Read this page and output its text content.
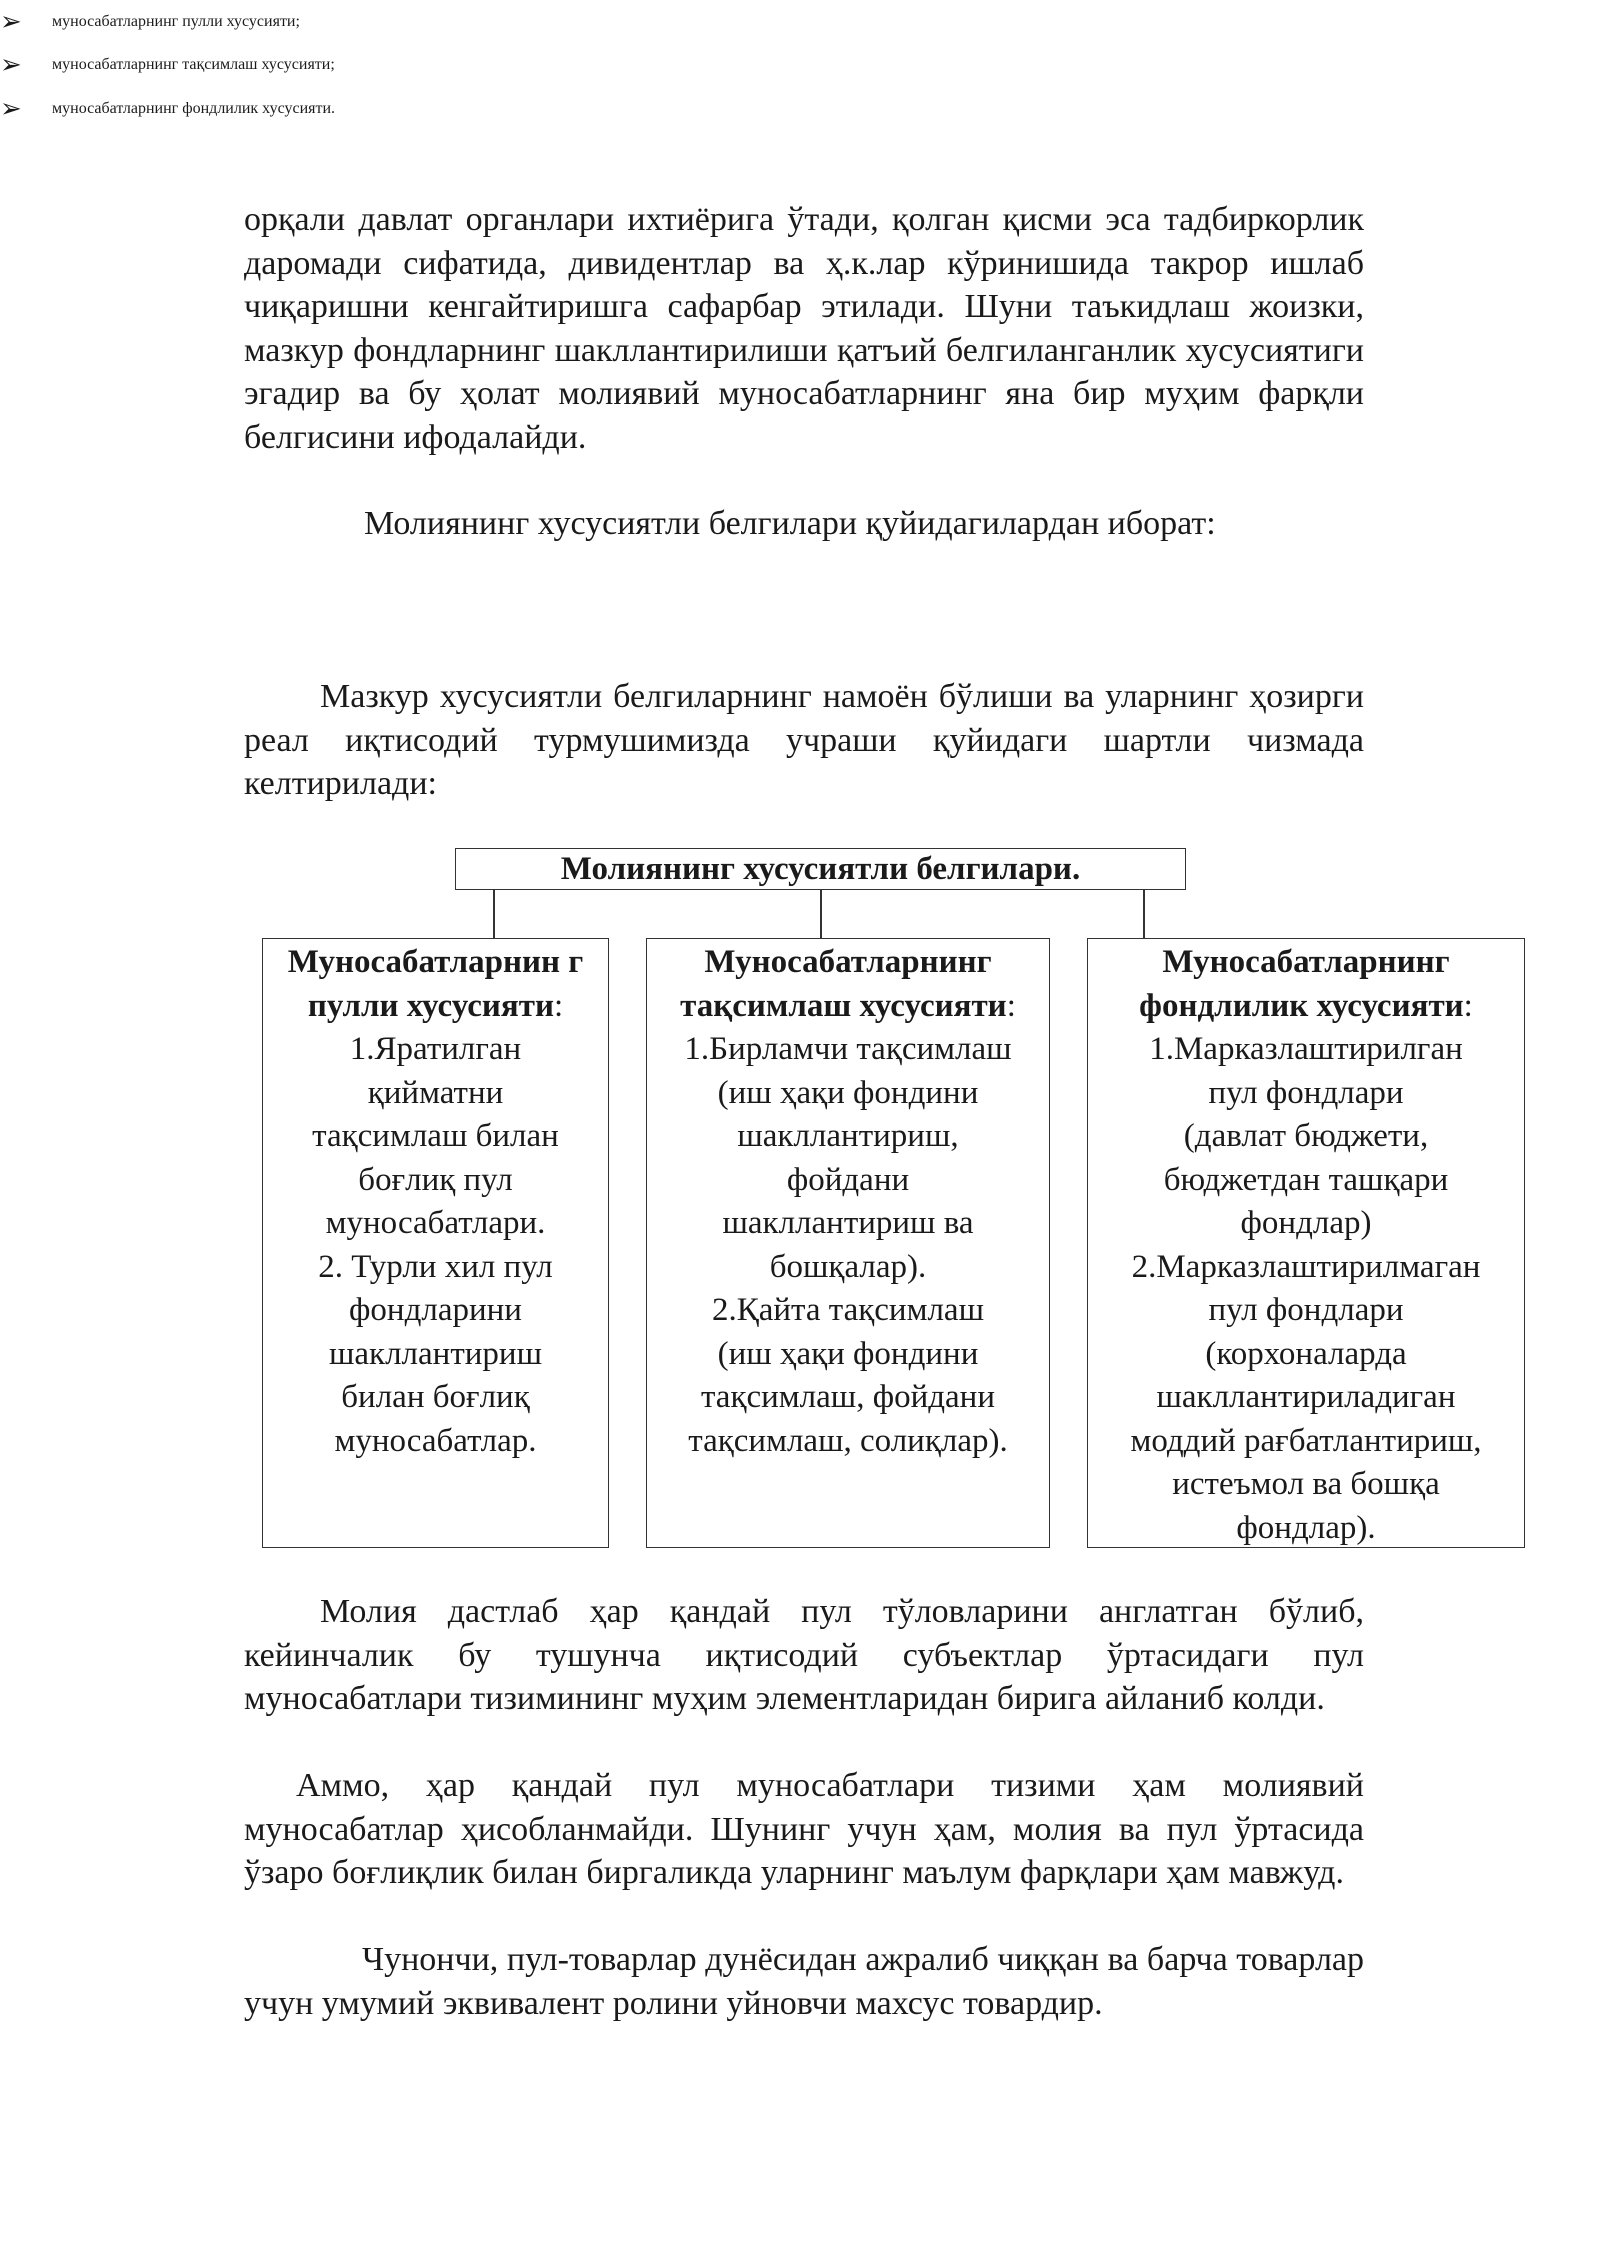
орқали давлат органлари ихтиёрига ўтади, қолган қисми эса тадбиркорлик даромади сифатида, дивидентлар ва ҳ.к.лар кўринишида такрор ишлаб чиқаришни кенгайтиришга сафарбар этилади. Шуни таъкидлаш жоизки, мазкур фондларнинг шакллантирилиши қатъий белгиланганлик хусусиятиги эгадир ва бу ҳолат молиявий муносабатларнинг яна бир муҳим фарқли белгисини ифодалайди.
Молиянинг хусусиятли белгилари қуйидагилардан иборат:
➢	муносабатларнинг пулли хусусияти;
➢	муносабатларнинг тақсимлаш хусусияти;
➢	муносабатларнинг фондлилик хусусияти.
Мазкур хусусиятли белгиларнинг намоён бўлиши ва уларнинг ҳозирги реал иқтисодий турмушимизда учраши қуйидаги шартли чизмада келтирилади:
Молиянинг хусусиятли белгилари.
Муносабатларнин г пулли хусусияти:
1.Яратилган
қийматни
тақсимлаш билан
боғлиқ пул
муносабатлари.
2. Турли хил пул
фондларини
шакллантириш
билан боғлиқ
муносабатлар.
Муносабатларнинг тақсимлаш хусусияти:
1.Бирламчи тақсимлаш
(иш ҳақи фондини
шакллантириш,
фойдани
шакллантириш ва
бошқалар).
2.Қайта тақсимлаш
(иш ҳақи фондини
тақсимлаш, фойдани
тақсимлаш, солиқлар).
Муносабатларнинг фондлилик хусусияти:
1.Марказлаштирилган
пул фондлари
(давлат бюджети,
бюджетдан ташқари
фондлар)
2.Марказлаштирилмаган
пул фондлари
(корхоналарда
шакллантириладиган
моддий рағбатлантириш,
истеъмол ва бошқа
фондлар).
Молия дастлаб ҳар қандай пул тўловларини англатган бўлиб, кейинчалик бу тушунча иқтисодий субъектлар ўртасидаги пул муносабатлари тизимининг муҳим элементларидан бирига айланиб колди.
Аммо, ҳар қандай пул муносабатлари тизими ҳам молиявий муносабатлар ҳисобланмайди. Шунинг учун ҳам, молия ва пул ўртасида ўзаро боғлиқлик билан биргаликда уларнинг маълум фарқлари ҳам мавжуд.
Чунончи, пул-товарлар дунёсидан ажралиб чиққан ва барча товарлар учун умумий эквивалент ролини уйновчи махсус товардир.
